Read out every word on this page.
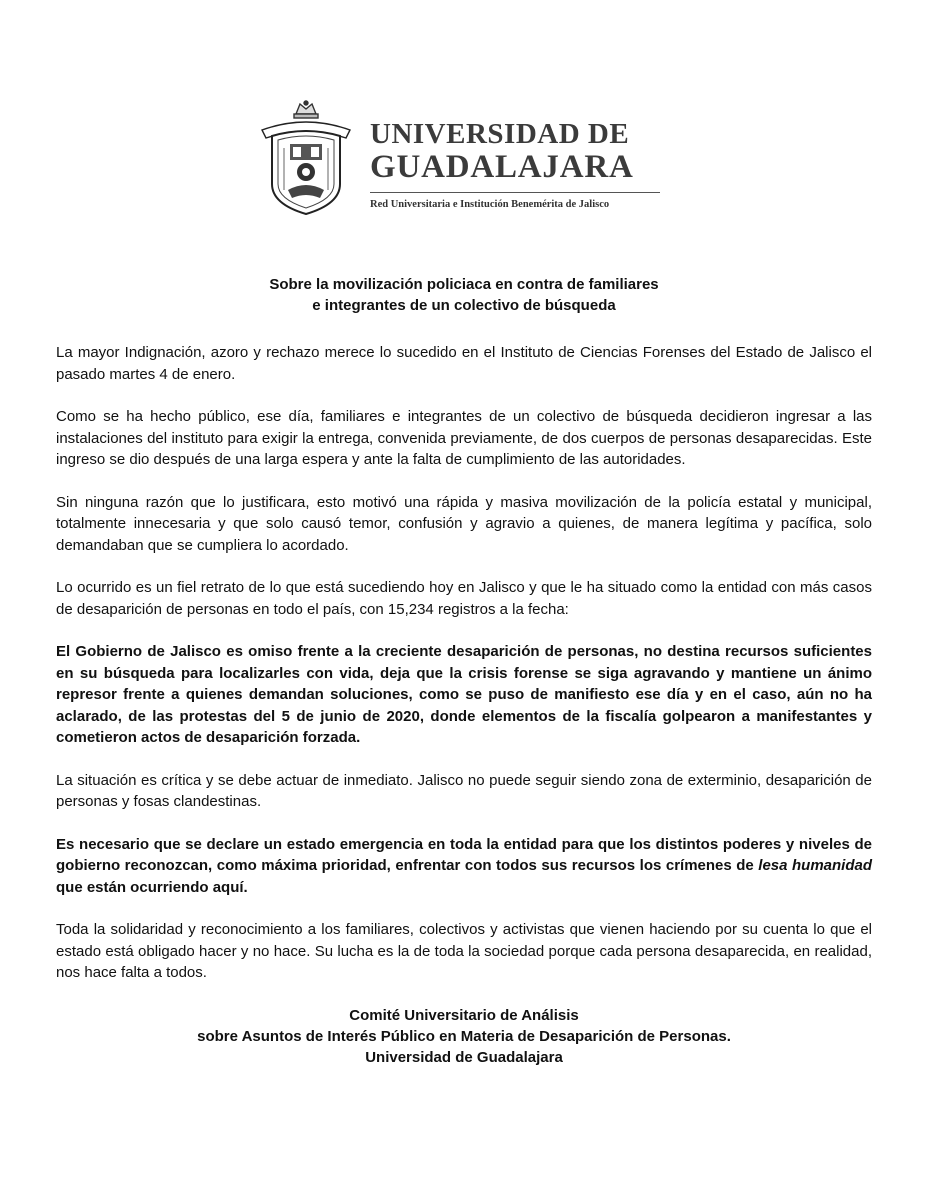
UNIVERSIDAD DE
GUADALAJARA
Red Universitaria e Institución Benemérita de Jalisco
Sobre la movilización policiaca en contra de familiares
e integrantes de un colectivo de búsqueda

La mayor Indignación, azoro y rechazo merece lo sucedido en el Instituto de Ciencias Forenses del Estado de Jalisco el pasado martes 4 de enero.

Como se ha hecho público, ese día, familiares e integrantes de un colectivo de búsqueda decidieron ingresar a las instalaciones del instituto para exigir la entrega, convenida previamente, de dos cuerpos de personas desaparecidas. Este ingreso se dio después de una larga espera y ante la falta de cumplimiento de las autoridades.

Sin ninguna razón que lo justificara, esto motivó una rápida y masiva movilización de la policía estatal y municipal, totalmente innecesaria y que solo causó temor, confusión y agravio a quienes, de manera legítima y pacífica, solo demandaban que se cumpliera lo acordado.

Lo ocurrido es un fiel retrato de lo que está sucediendo hoy en Jalisco y que le ha situado como la entidad con más casos de desaparición de personas en todo el país, con 15,234 registros a la fecha:

El Gobierno de Jalisco es omiso frente a la creciente desaparición de personas, no destina recursos suficientes en su búsqueda para localizarles con vida, deja que la crisis forense se siga agravando y mantiene un ánimo represor frente a quienes demandan soluciones, como se puso de manifiesto ese día y en el caso, aún no ha aclarado, de las protestas del 5 de junio de 2020, donde elementos de la fiscalía golpearon a manifestantes y cometieron actos de desaparición forzada.

La situación es crítica y se debe actuar de inmediato. Jalisco no puede seguir siendo zona de exterminio, desaparición de personas y fosas clandestinas.

Es necesario que se declare un estado emergencia en toda la entidad para que los distintos poderes y niveles de gobierno reconozcan, como máxima prioridad, enfrentar con todos sus recursos los crímenes de lesa humanidad que están ocurriendo aquí.

Toda la solidaridad y reconocimiento a los familiares, colectivos y activistas que vienen haciendo por su cuenta lo que el estado está obligado hacer y no hace. Su lucha es la de toda la sociedad porque cada persona desaparecida, en realidad, nos hace falta a todos.

Comité Universitario de Análisis
sobre Asuntos de Interés Público en Materia de Desaparición de Personas.
Universidad de Guadalajara
